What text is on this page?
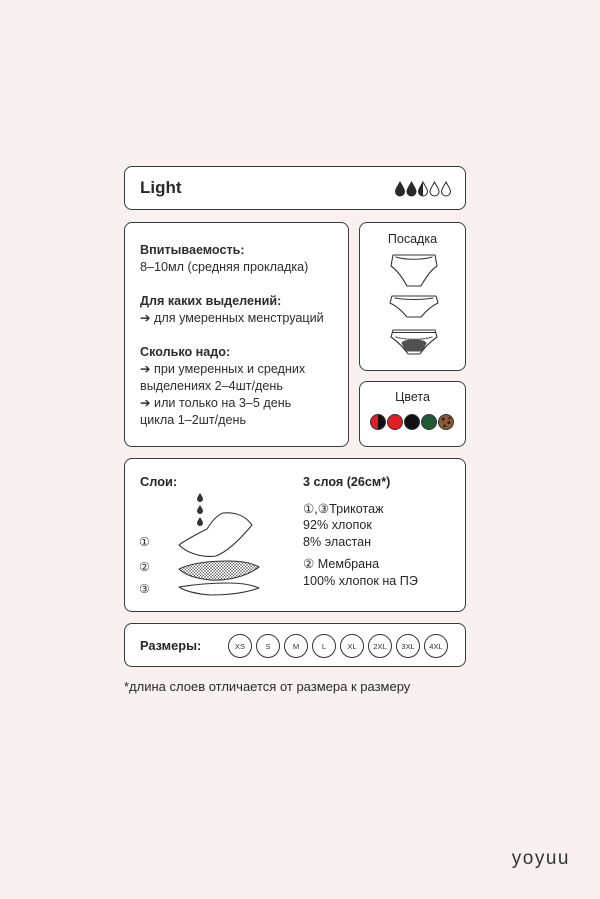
Light
Впитываемость:
8–10мл (средняя прокладка)
Для каких выделений:
➔ для умеренных менструаций
Сколько надо:
➔ при умеренных и средних
выделениях 2–4шт/день
➔ или только на 3–5 день
цикла 1–2шт/день
Посадка
Цвета
Слои:
①
②
③
3 слоя (26см*)
①,③Трикотаж
92% хлопок
8% эластан
② Мембрана
100% хлопок на ПЭ
Размеры:	XS	S	M	L	XL	2XL	3XL	4XL
*длина слоев отличается от размера к размеру
yoyuu
